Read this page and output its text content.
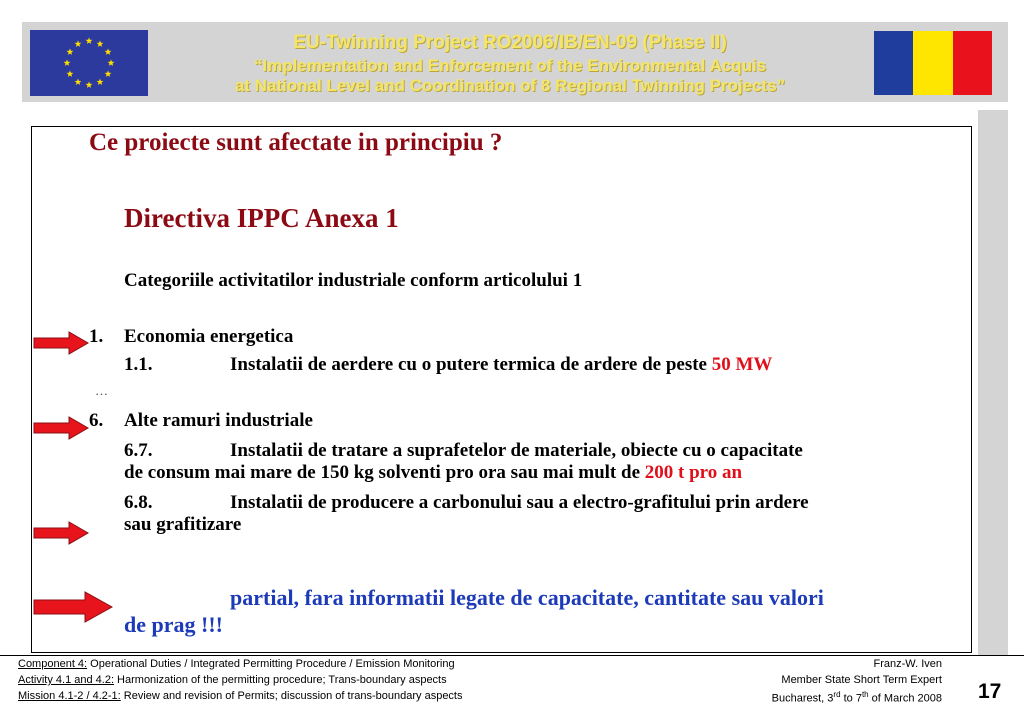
EU-Twinning Project RO2006/IB/EN-09 (Phase II)
“Implementation and Enforcement of the Environmental Acquis
at National Level and Coordination of 8 Regional Twinning Projects”
Ce proiecte sunt afectate in principiu ?
Directiva IPPC Anexa 1
Categoriile activitatilor industriale conform articolului 1
1. Economia energetica
1.1.	Instalatii de aerdere cu o putere termica de ardere de peste 50 MW
…
6. Alte ramuri industriale
6.7.	Instalatii de tratare a suprafetelor de materiale, obiecte cu o capacitate
de consum mai mare de 150 kg solventi pro ora sau mai mult de 200 t pro an
6.8.	Instalatii de producere a carbonului sau a electro-grafitului prin ardere
sau grafitizare
partial, fara informatii legate de capacitate, cantitate sau valori
de prag !!!
Component 4: Operational Duties / Integrated Permitting Procedure / Emission Monitoring
Activity 4.1 and 4.2: Harmonization of the permitting procedure; Trans-boundary aspects
Mission 4.1-2 / 4.2-1: Review and revision of Permits; discussion of trans-boundary aspects
Franz-W. Iven
Member State Short Term Expert
Bucharest, 3rd to 7th of March 2008 17
